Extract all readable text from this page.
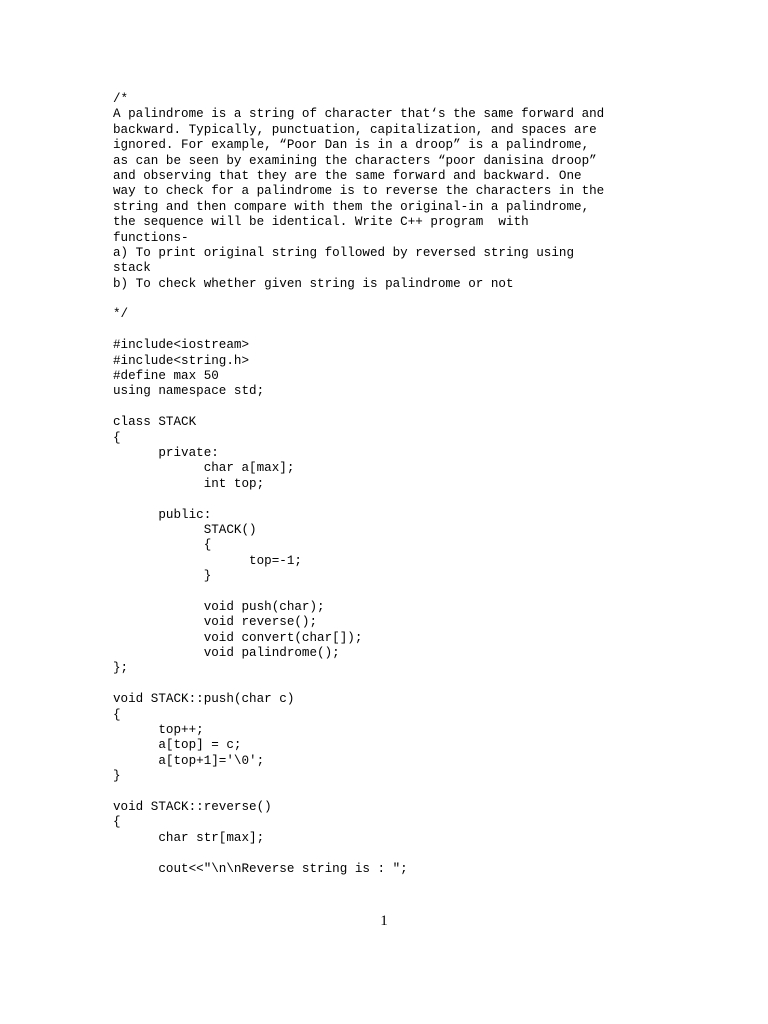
/*
A palindrome is a string of character that‘s the same forward and
backward. Typically, punctuation, capitalization, and spaces are
ignored. For example, “Poor Dan is in a droop” is a palindrome,
as can be seen by examining the characters “poor danisina droop”
and observing that they are the same forward and backward. One
way to check for a palindrome is to reverse the characters in the
string and then compare with them the original-in a palindrome,
the sequence will be identical. Write C++ program  with
functions-
a) To print original string followed by reversed string using
stack
b) To check whether given string is palindrome or not
*/
#include<iostream>
#include<string.h>
#define max 50
using namespace std;
class STACK
{
private:
char a[max];
int top;
public:
STACK()
{
top=-1;
}
void push(char);
void reverse();
void convert(char[]);
void palindrome();
};
void STACK::push(char c)
{
top++;
a[top] = c;
a[top+1]='\0';
}
void STACK::reverse()
{
char str[max];
cout<<"\n\nReverse string is : ";
1
